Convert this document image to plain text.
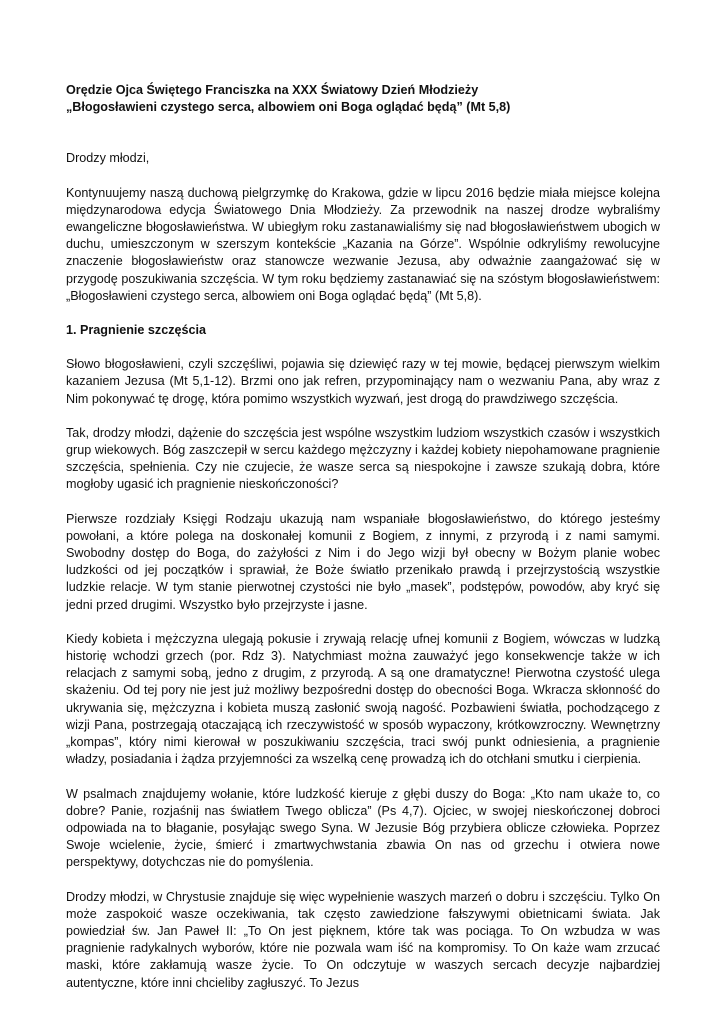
Orędzie Ojca Świętego Franciszka na XXX Światowy Dzień Młodzieży

„Błogosławieni czystego serca, albowiem oni Boga oglądać będą” (Mt 5,8)

Drodzy młodzi,

Kontynuujemy naszą duchową pielgrzymkę do Krakowa, gdzie w lipcu 2016 będzie miała miejsce kolejna międzynarodowa edycja Światowego Dnia Młodzieży. Za przewodnik na naszej drodze wybraliśmy ewangeliczne błogosławieństwa. W ubiegłym roku zastanawialiśmy się nad błogosławieństwem ubogich w duchu, umieszczonym w szerszym kontekście „Kazania na Górze”. Wspólnie odkryliśmy rewolucyjne znaczenie błogosławieństw oraz stanowcze wezwanie Jezusa, aby odważnie zaangażować się w przygodę poszukiwania szczęścia. W tym roku będziemy zastanawiać się na szóstym błogosławieństwem: „Błogosławieni czystego serca, albowiem oni Boga oglądać będą” (Mt 5,8).

1. Pragnienie szczęścia

Słowo błogosławieni, czyli szczęśliwi, pojawia się dziewięć razy w tej mowie, będącej pierwszym wielkim kazaniem Jezusa (Mt 5,1-12). Brzmi ono jak refren, przypominający nam o wezwaniu Pana, aby wraz z Nim pokonywać tę drogę, która pomimo wszystkich wyzwań, jest drogą do prawdziwego szczęścia.

Tak, drodzy młodzi, dążenie do szczęścia jest wspólne wszystkim ludziom wszystkich czasów i wszystkich grup wiekowych. Bóg zaszczepił w sercu każdego mężczyzny i każdej kobiety niepohamowane pragnienie szczęścia, spełnienia. Czy nie czujecie, że wasze serca są niespokojne i zawsze szukają dobra, które mogłoby ugasić ich pragnienie nieskończoności?

Pierwsze rozdziały Księgi Rodzaju ukazują nam wspaniałe błogosławieństwo, do którego jesteśmy powołani, a które polega na doskonałej komunii z Bogiem, z innymi, z przyrodą i z nami samymi. Swobodny dostęp do Boga, do zażyłości z Nim i do Jego wizji był obecny w Bożym planie wobec ludzkości od jej początków i sprawiał, że Boże światło przenikało prawdą i przejrzystością wszystkie ludzkie relacje. W tym stanie pierwotnej czystości nie było „masek”, podstępów, powodów, aby kryć się jedni przed drugimi. Wszystko było przejrzyste i jasne.

Kiedy kobieta i mężczyzna ulegają pokusie i zrywają relację ufnej komunii z Bogiem, wówczas w ludzką historię wchodzi grzech (por. Rdz 3). Natychmiast można zauważyć jego konsekwencje także w ich relacjach z samymi sobą, jedno z drugim, z przyrodą. A są one dramatyczne! Pierwotna czystość ulega skażeniu. Od tej pory nie jest już możliwy bezpośredni dostęp do obecności Boga. Wkracza skłonność do ukrywania się, mężczyzna i kobieta muszą zasłonić swoją nagość. Pozbawieni światła, pochodzącego z wizji Pana, postrzegają otaczającą ich rzeczywistość w sposób wypaczony, krótkowzroczny. Wewnętrzny „kompas”, który nimi kierował w poszukiwaniu szczęścia, traci swój punkt odniesienia, a pragnienie władzy, posiadania i żądza przyjemności za wszelką cenę prowadzą ich do otchłani smutku i cierpienia.

W psalmach znajdujemy wołanie, które ludzkość kieruje z głębi duszy do Boga: „Kto nam ukaże to, co dobre? Panie, rozjaśnij nas światłem Twego oblicza” (Ps 4,7). Ojciec, w swojej nieskończonej dobroci odpowiada na to błaganie, posyłając swego Syna. W Jezusie Bóg przybiera oblicze człowieka. Poprzez Swoje wcielenie, życie, śmierć i zmartwychwstania zbawia On nas od grzechu i otwiera nowe perspektywy, dotychczas nie do pomyślenia.

Drodzy młodzi, w Chrystusie znajduje się więc wypełnienie waszych marzeń o dobru i szczęściu. Tylko On może zaspokoić wasze oczekiwania, tak często zawiedzione fałszywymi obietnicami świata. Jak powiedział św. Jan Paweł II: „To On jest pięknem, które tak was pociąga. To On wzbudza w was pragnienie radykalnych wyborów, które nie pozwala wam iść na kompromisy. To On każe wam zrzucać maski, które zakłamują wasze życie. To On odczytuje w waszych sercach decyzje najbardziej autentyczne, które inni chcieliby zagłuszyć. To Jezus
